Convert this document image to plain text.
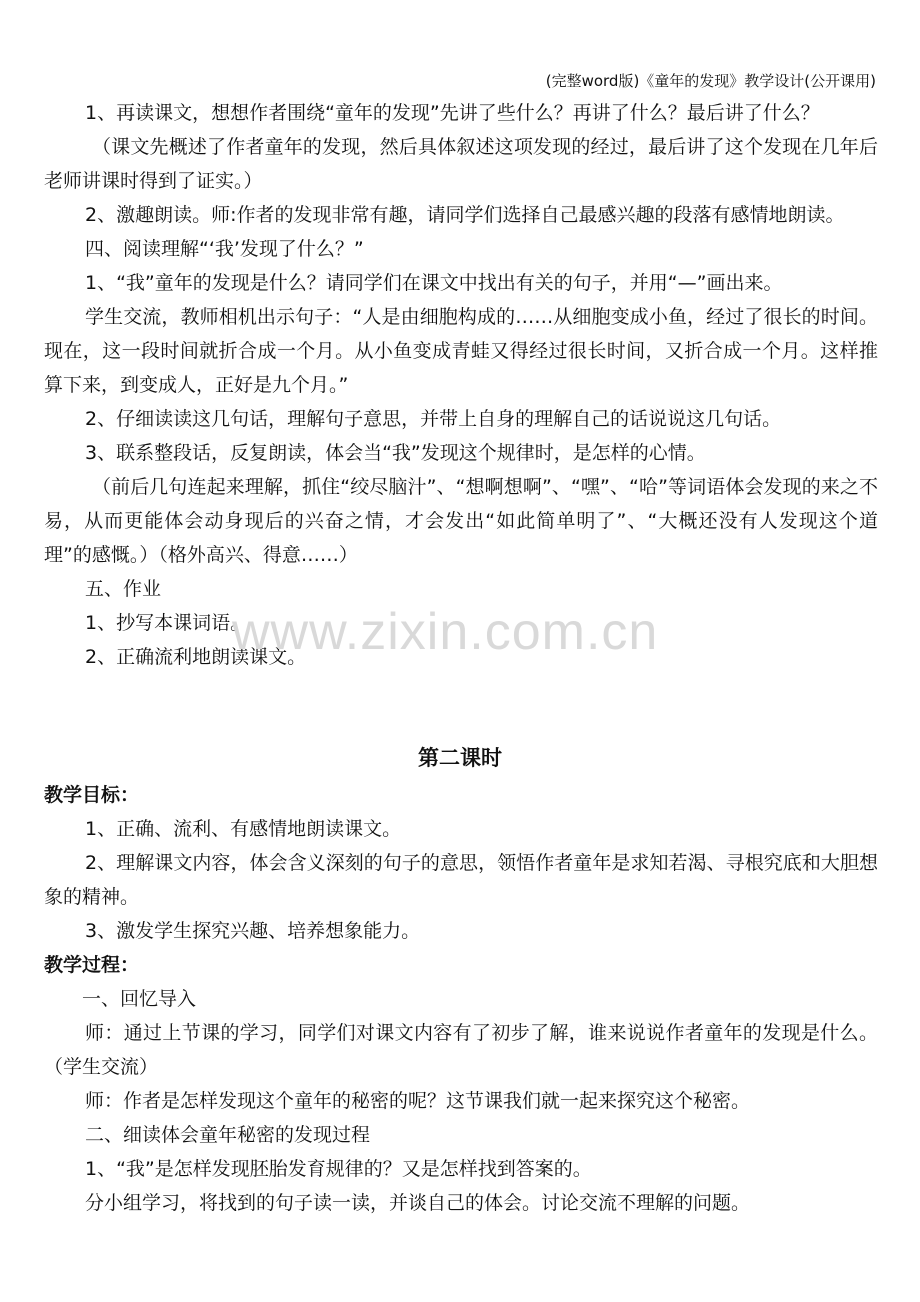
(完整word版)《童年的发现》教学设计(公开课用)

1、再读课文，想想作者围绕“童年的发现”先讲了些什么？再讲了什么？最后讲了什么？

（课文先概述了作者童年的发现，然后具体叙述这项发现的经过，最后讲了这个发现在几年后老师讲课时得到了证实。）

2、激趣朗读。师:作者的发现非常有趣，请同学们选择自己最感兴趣的段落有感情地朗读。

四、阅读理解“‘我’发现了什么？”

1、“我”童年的发现是什么？请同学们在课文中找出有关的句子，并用“—”画出来。

学生交流，教师相机出示句子：“人是由细胞构成的……从细胞变成小鱼，经过了很长的时间。现在，这一段时间就折合成一个月。从小鱼变成青蛙又得经过很长时间，又折合成一个月。这样推算下来，到变成人，正好是九个月。”

2、仔细读读这几句话，理解句子意思，并带上自身的理解自己的话说说这几句话。

3、联系整段话，反复朗读，体会当“我”发现这个规律时，是怎样的心情。

（前后几句连起来理解，抓住“绞尽脑汁”、“想啊想啊”、“嘿”、“哈”等词语体会发现的来之不易，从而更能体会动身现后的兴奋之情，才会发出“如此简单明了”、“大概还没有人发现这个道理”的感慨。）（格外高兴、得意……）

五、作业

1、抄写本课词语。

2、正确流利地朗读课文。

www.zixin.com.cn
第二课时

教学目标：

1、正确、流利、有感情地朗读课文。

2、理解课文内容，体会含义深刻的句子的意思，领悟作者童年是求知若渴、寻根究底和大胆想象的精神。

3、激发学生探究兴趣、培养想象能力。

教学过程：

一、回忆导入

师：通过上节课的学习，同学们对课文内容有了初步了解，谁来说说作者童年的发现是什么。（学生交流）

师：作者是怎样发现这个童年的秘密的呢？这节课我们就一起来探究这个秘密。

二、细读体会童年秘密的发现过程

1、“我”是怎样发现胚胎发育规律的？又是怎样找到答案的。

分小组学习，将找到的句子读一读，并谈自己的体会。讨论交流不理解的问题。
